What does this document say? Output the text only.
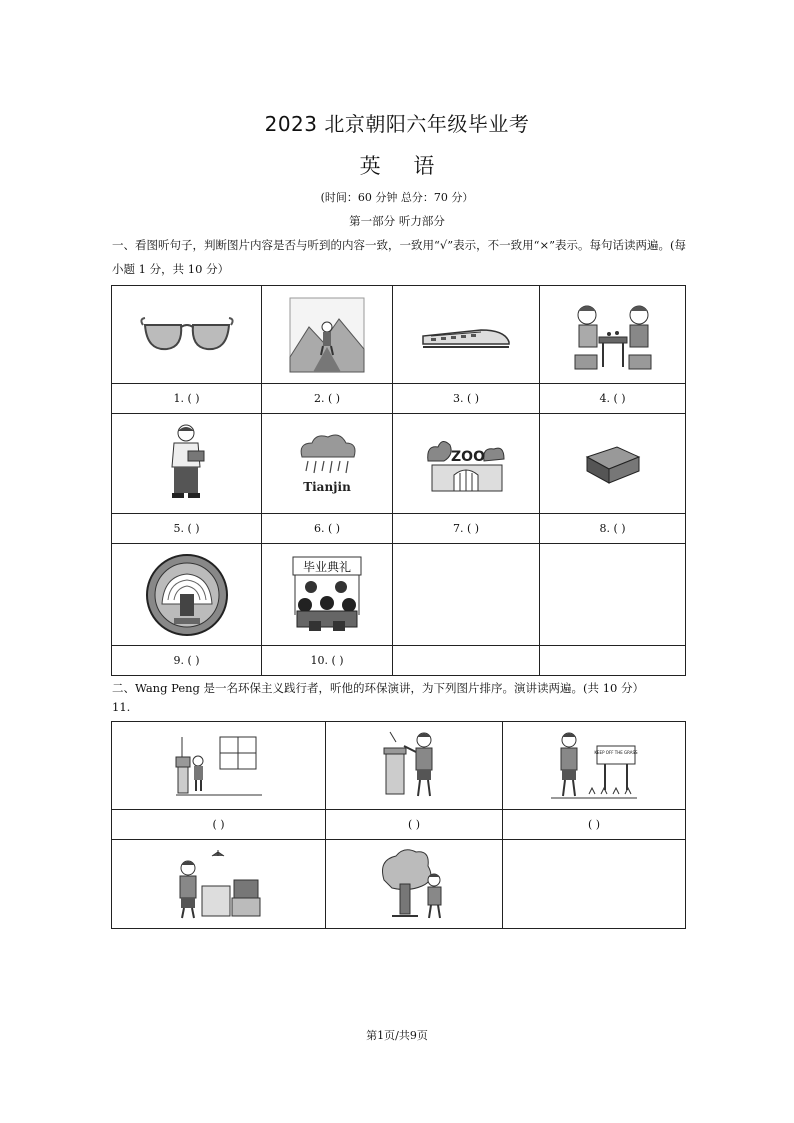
2023 北京朝阳六年级毕业考
英 语
(时间：60 分钟 总分：70 分）
第一部分 听力部分
一、看图听句子，判断图片内容是否与听到的内容一致，一致用“√”表示，不一致用“×”表示。每句话读两遍。(每小题 1 分，共 10 分）

1. ( )	2. ( )	3. ( )	4. ( )

Tianjin	ZOO

5. ( )	6. ( )	7. ( )	8. ( )

毕业典礼		

9. ( )	10. ( )		
二、Wang Peng 是一名环保主义践行者，听他的环保演讲，为下列图片排序。演讲读两遍。(共 10 分）
11.

KEEP OFF THE GRASS

( )	( )	( )

第1页/共9页
